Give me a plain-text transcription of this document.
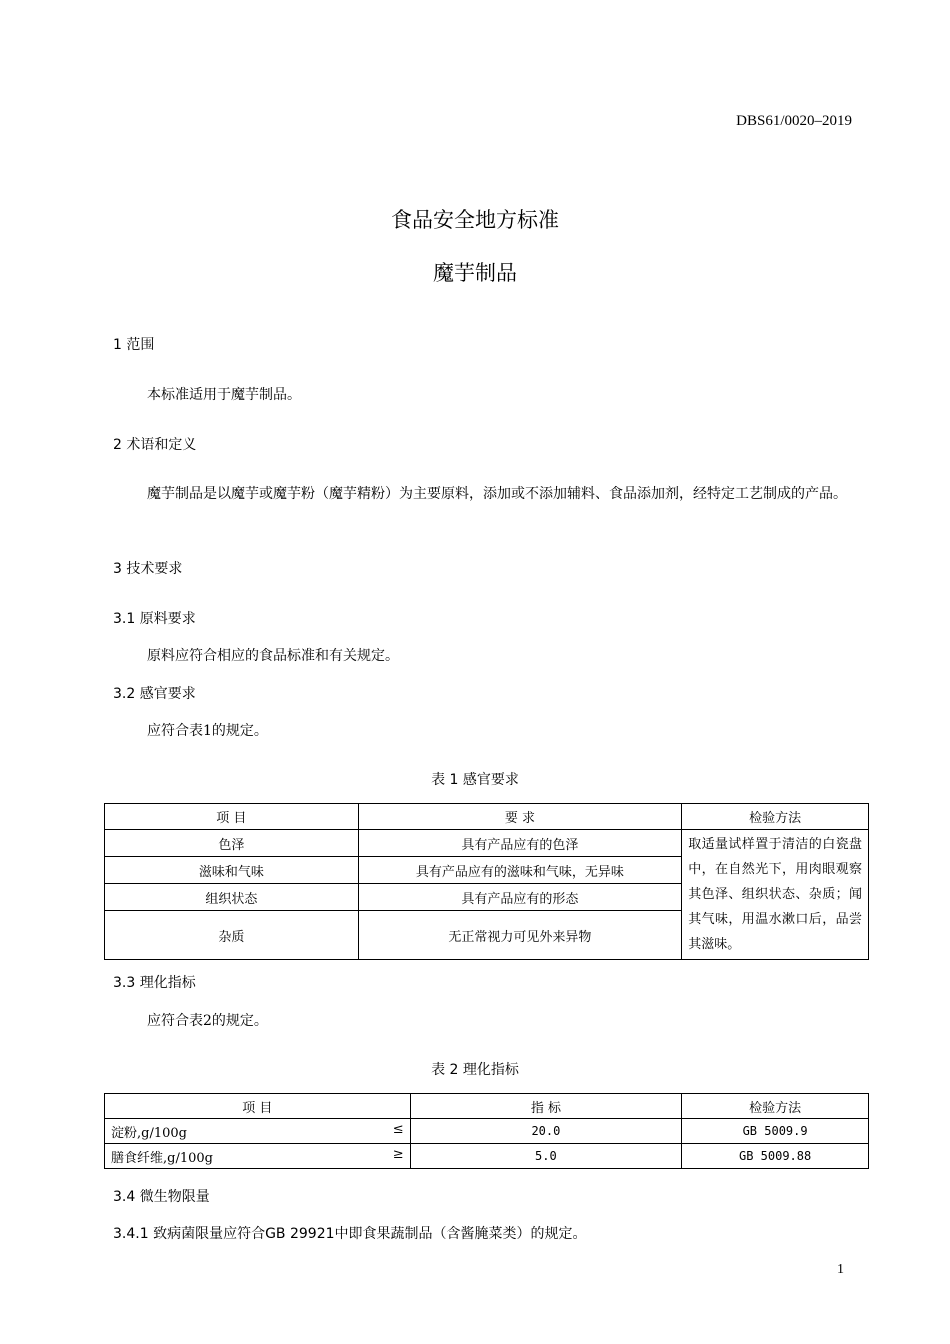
DBS61/0020–2019
食品安全地方标准
魔芋制品
1 范围
本标准适用于魔芋制品。
2 术语和定义
魔芋制品是以魔芋或魔芋粉（魔芋精粉）为主要原料，添加或不添加辅料、食品添加剂，经特定工艺制成的产品。
3 技术要求
3.1 原料要求
原料应符合相应的食品标准和有关规定。
3.2 感官要求
应符合表1的规定。
表 1 感官要求
项 目	要 求	检验方法
色泽	具有产品应有的色泽	取适量试样置于清洁的白瓷盘中，在自然光下，用肉眼观察其色泽、组织状态、杂质；闻其气味，用温水漱口后，品尝其滋味。
滋味和气味	具有产品应有的滋味和气味，无异味	
组织状态	具有产品应有的形态	
杂质	无正常视力可见外来异物	
3.3 理化指标
应符合表2的规定。
表 2 理化指标
项 目	指 标	检验方法
淀粉,g/100g ≤	20.0	GB 5009.9
膳食纤维,g/100g ≥	5.0	GB 5009.88
3.4 微生物限量
3.4.1 致病菌限量应符合GB 29921中即食果蔬制品（含酱腌菜类）的规定。
1
